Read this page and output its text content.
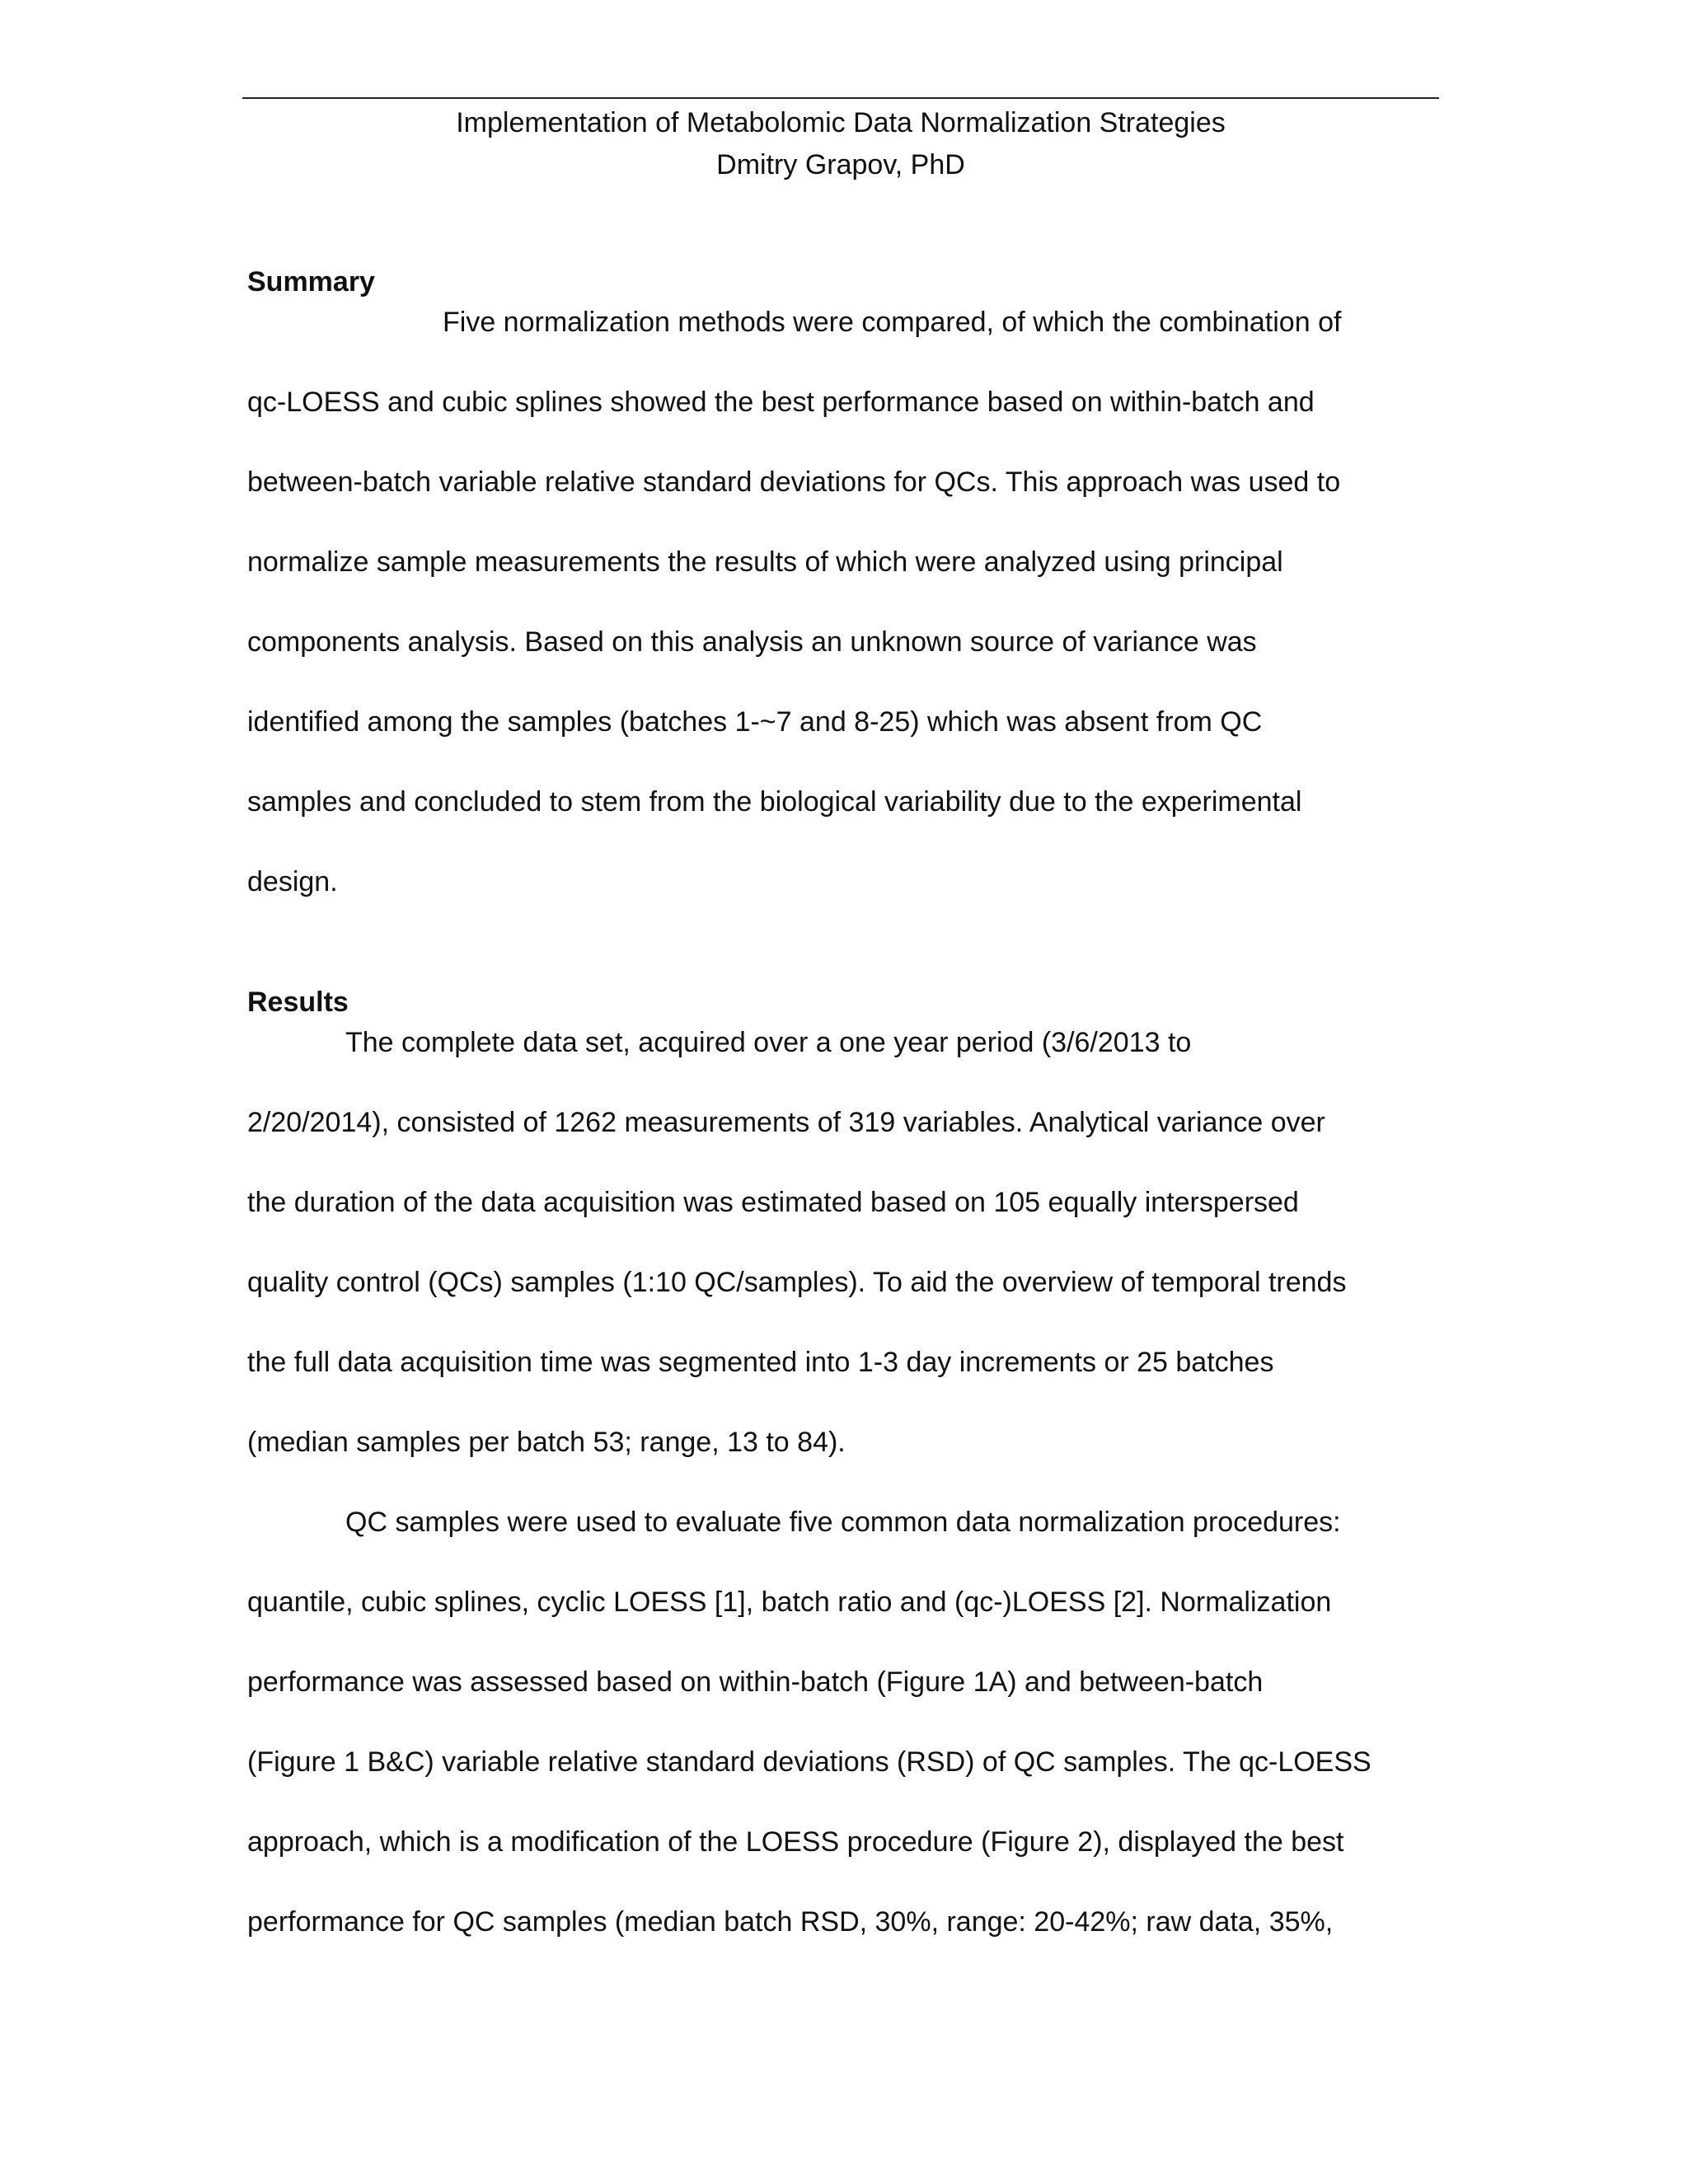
Implementation of Metabolomic Data Normalization Strategies
Dmitry Grapov, PhD
Summary
Five normalization methods were compared, of which the combination of
qc-LOESS and cubic splines showed the best performance based on within-batch and
between-batch variable relative standard deviations for QCs. This approach was used to
normalize sample measurements the results of which were analyzed using principal
components analysis. Based on this analysis an unknown source of variance was
identified among the samples (batches 1-~7 and 8-25) which was absent from QC
samples and concluded to stem from the biological variability due to the experimental
design.
Results
The complete data set, acquired over a one year period (3/6/2013 to
2/20/2014), consisted of 1262 measurements of 319 variables. Analytical variance over
the duration of the data acquisition was estimated based on 105 equally interspersed
quality control (QCs) samples (1:10 QC/samples). To aid the overview of temporal trends
the full data acquisition time was segmented into 1-3 day increments or 25 batches
(median samples per batch 53; range, 13 to 84).
QC samples were used to evaluate five common data normalization procedures:
quantile, cubic splines, cyclic LOESS [1], batch ratio and (qc-)LOESS [2]. Normalization
performance was assessed based on within-batch (Figure 1A) and between-batch
(Figure 1 B&C) variable relative standard deviations (RSD) of QC samples. The qc-LOESS
approach, which is a modification of the LOESS procedure (Figure 2), displayed the best
performance for QC samples (median batch RSD, 30%, range: 20-42%; raw data, 35%,
